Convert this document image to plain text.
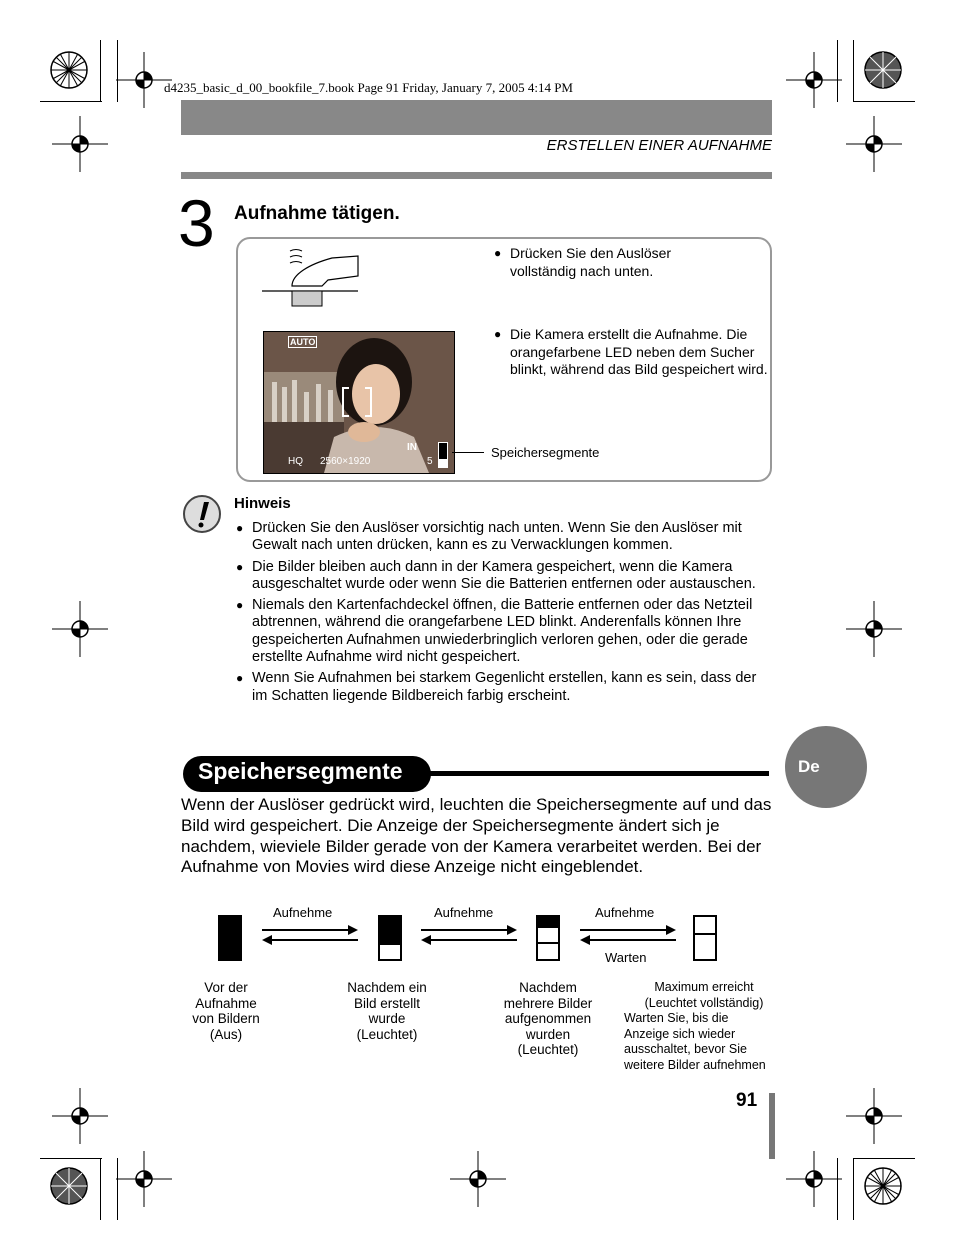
d4235_basic_d_00_bookfile_7.book Page 91 Friday, January 7, 2005 4:14 PM
ERSTELLEN EINER AUFNAHME
3 Aufnahme tätigen.
● Drücken Sie den Auslöser vollständig nach unten.
● Die Kamera erstellt die Aufnahme. Die orangefarbene LED neben dem Sucher blinkt, während das Bild gespeichert wird.
AUTO
IN
HQ 2560×1920	5
Speichersegmente
Hinweis
● Drücken Sie den Auslöser vorsichtig nach unten. Wenn Sie den Auslöser mit Gewalt nach unten drücken, kann es zu Verwacklungen kommen.
● Die Bilder bleiben auch dann in der Kamera gespeichert, wenn die Kamera ausgeschaltet wurde oder wenn Sie die Batterien entfernen oder austauschen.
● Niemals den Kartenfachdeckel öffnen, die Batterie entfernen oder das Netzteil abtrennen, während die orangefarbene LED blinkt. Anderenfalls können Ihre gespeicherten Aufnahmen unwiederbringlich verloren gehen, oder die gerade erstellte Aufnahme wird nicht gespeichert.
● Wenn Sie Aufnahmen bei starkem Gegenlicht erstellen, kann es sein, dass der im Schatten liegende Bildbereich farbig erscheint.
Speichersegmente	De
Wenn der Auslöser gedrückt wird, leuchten die Speichersegmente auf und das Bild wird gespeichert. Die Anzeige der Speichersegmente ändert sich je nachdem, wieviele Bilder gerade von der Kamera verarbeitet werden. Bei der Aufnahme von Movies wird diese Anzeige nicht eingeblendet.
Aufnehme	Aufnehme	Aufnehme
Warten
Vor der
Aufnahme
von Bildern
(Aus)
Nachdem ein
Bild erstellt
wurde
(Leuchtet)
Nachdem
mehrere Bilder
aufgenommen
wurden
(Leuchtet)
Maximum erreicht
(Leuchtet vollständig)
Warten Sie, bis die
Anzeige sich wieder
ausschaltet, bevor Sie
weitere Bilder aufnehmen
91
